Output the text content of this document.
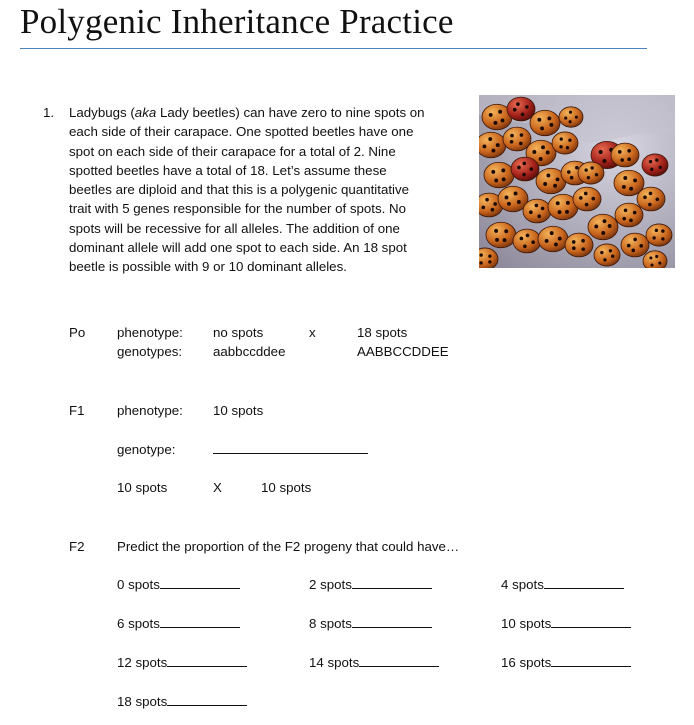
Polygenic Inheritance Practice
1. Ladybugs (aka Lady beetles) can have zero to nine spots on
each side of their carapace. One spotted beetles have one
spot on each side of their carapace for a total of 2. Nine
spotted beetles have a total of 18. Let’s assume these
beetles are diploid and that this is a polygenic quantitative
trait with 5 genes responsible for the number of spots. No
spots will be recessive for all alleles. The addition of one
dominant allele will add one spot to each side. An 18 spot
beetle is possible with 9 or 10 dominant alleles.
Po phenotype: no spots	x	18 spots
genotypes: aabbccddee	AABBCCDDEE
F1 phenotype: 10 spots
genotype:
10 spots	X	10 spots
F2 Predict the proportion of the F2 progeny that could have…
0 spots	2 spots	4 spots
6 spots	8 spots	10 spots
12 spots	14 spots	16 spots
18 spots
